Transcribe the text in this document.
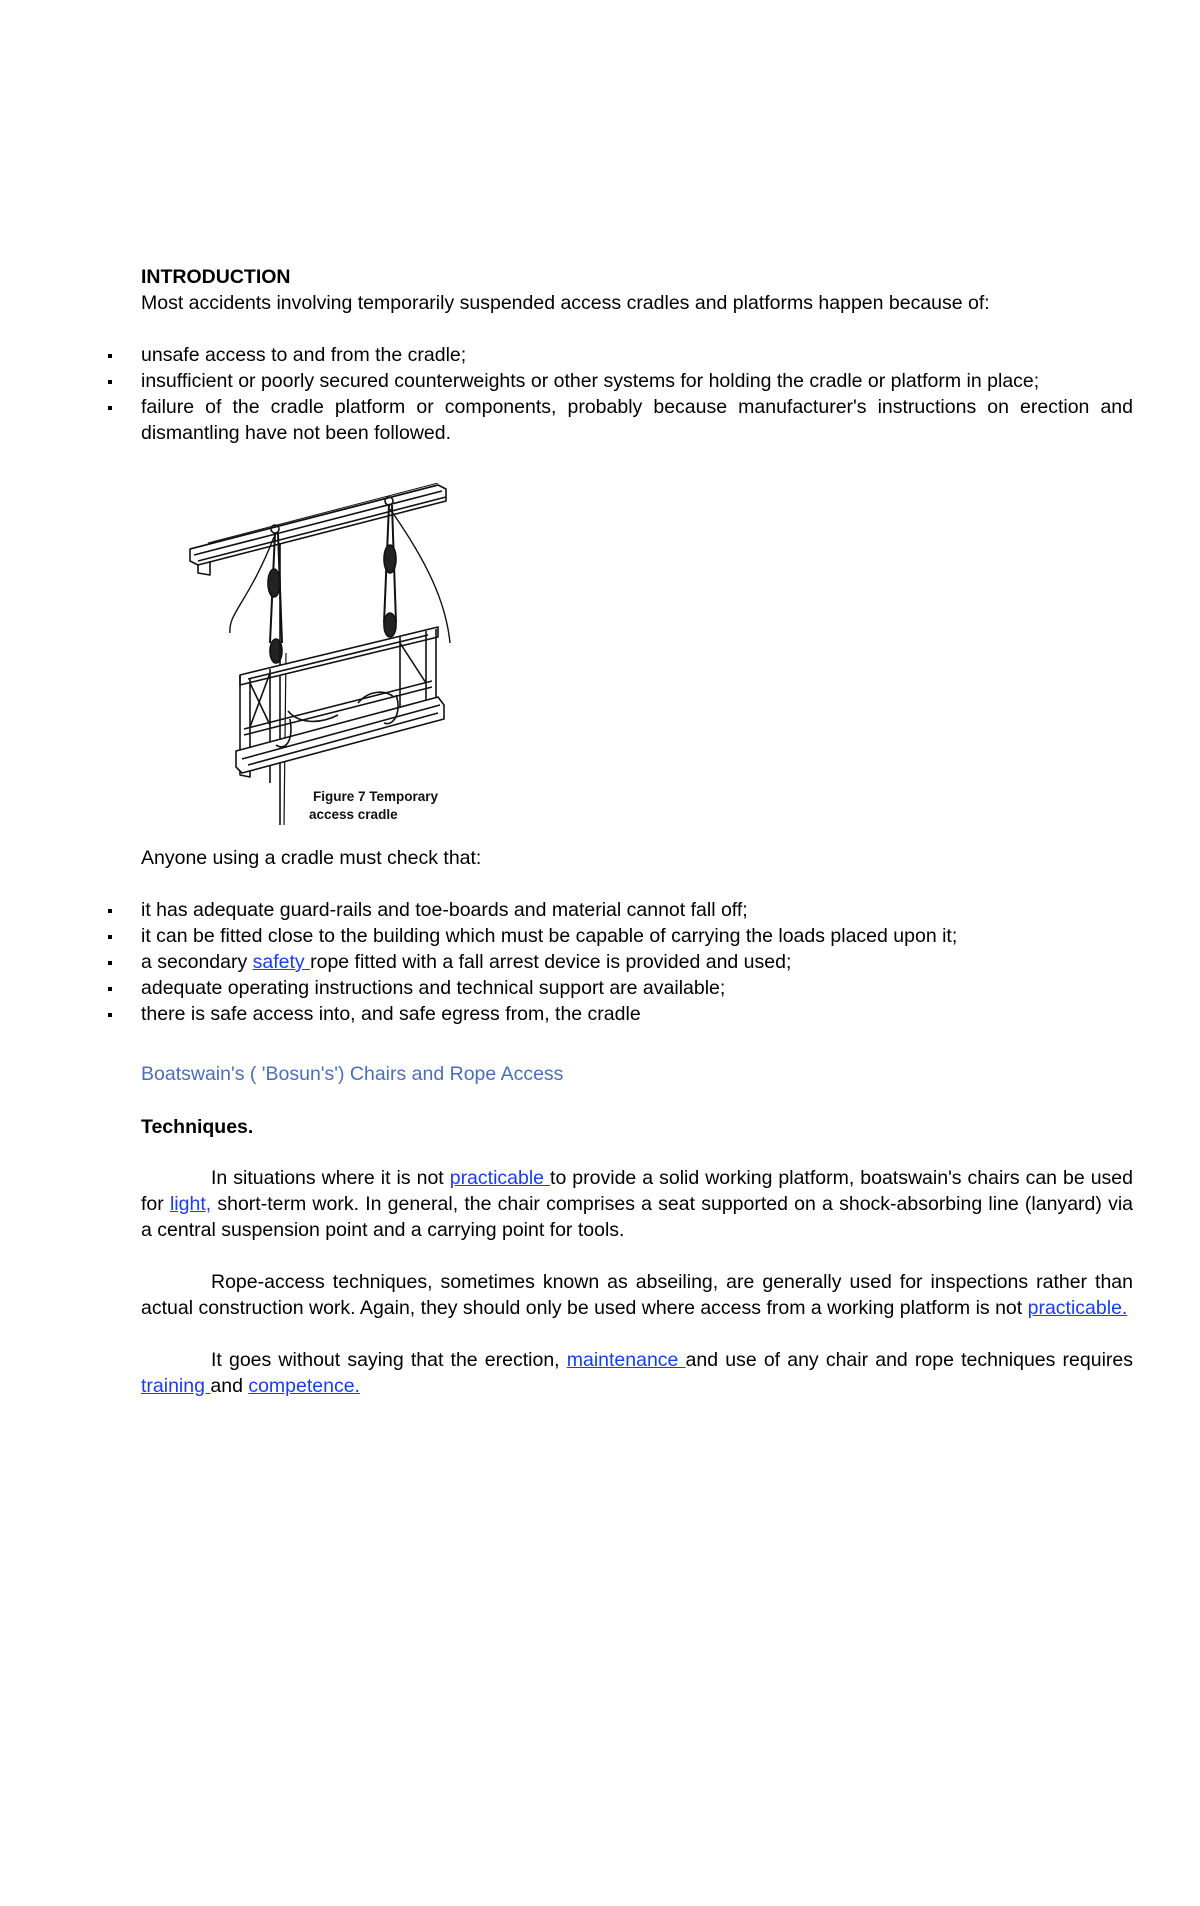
INTRODUCTION

Most accidents involving temporarily suspended access cradles and platforms happen because of:

unsafe access to and from the cradle;
insufficient or poorly secured counterweights or other systems for holding the cradle or platform in place;
failure of the cradle platform or components, probably because manufacturer's instructions on erection and dismantling have not been followed.
Figure 7 Temporary
access cradle

Anyone using a cradle must check that:

it has adequate guard-rails and toe-boards and material cannot fall off;
it can be fitted close to the building which must be capable of carrying the loads placed upon it;
a secondary safety rope fitted with a fall arrest device is provided and used;
adequate operating instructions and technical support are available;
there is safe access into, and safe egress from, the cradle

Boatswain's ( 'Bosun's') Chairs and Rope Access

Techniques.

In situations where it is not practicable to provide a solid working platform, boatswain's chairs can be used for light, short-term work. In general, the chair comprises a seat supported on a shock-absorbing line (lanyard) via a central suspension point and a carrying point for tools.

Rope-access techniques, sometimes known as abseiling, are generally used for inspections rather than actual construction work. Again, they should only be used where access from a working platform is not practicable.

It goes without saying that the erection, maintenance and use of any chair and rope techniques requires training and competence.
